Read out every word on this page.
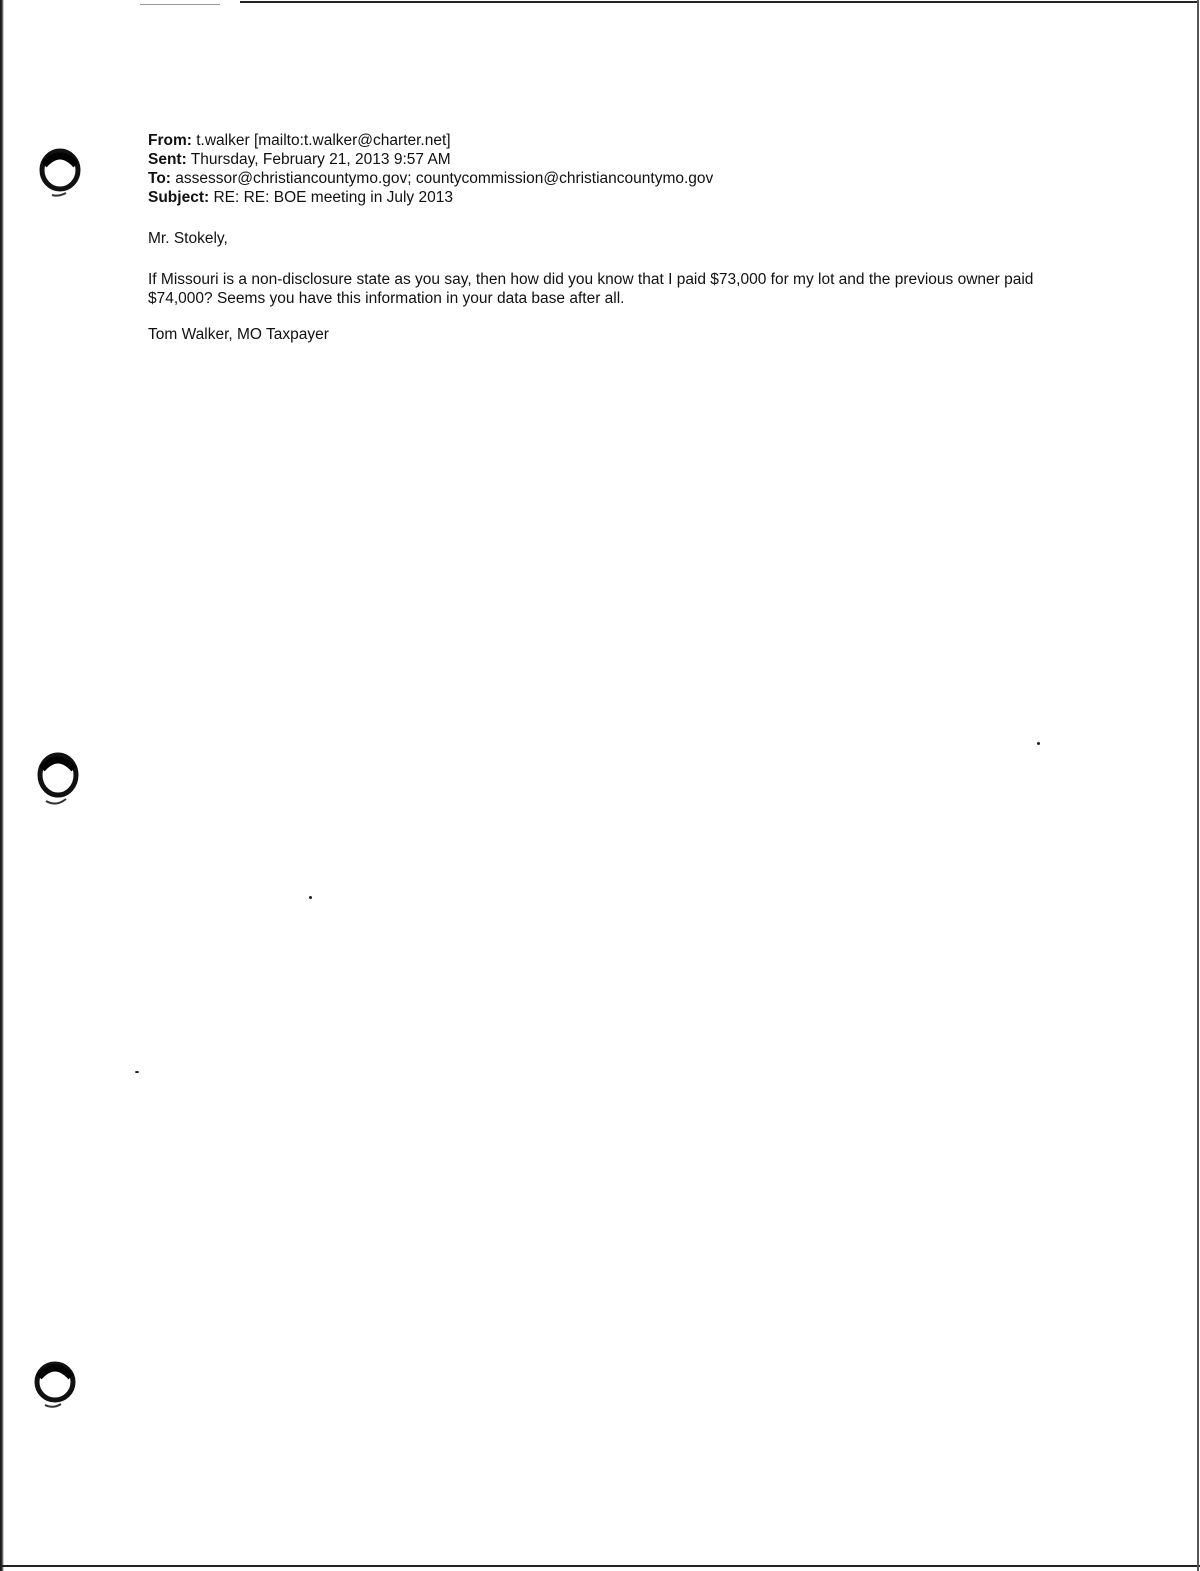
From: t.walker [mailto:t.walker@charter.net]
Sent: Thursday, February 21, 2013 9:57 AM
To: assessor@christiancountymo.gov; countycommission@christiancountymo.gov
Subject: RE: RE: BOE meeting in July 2013
Mr. Stokely,
If Missouri is a non-disclosure state as you say, then how did you know that I paid $73,000 for my lot and the previous owner paid $74,000? Seems you have this information in your data base after all.
Tom Walker, MO Taxpayer
